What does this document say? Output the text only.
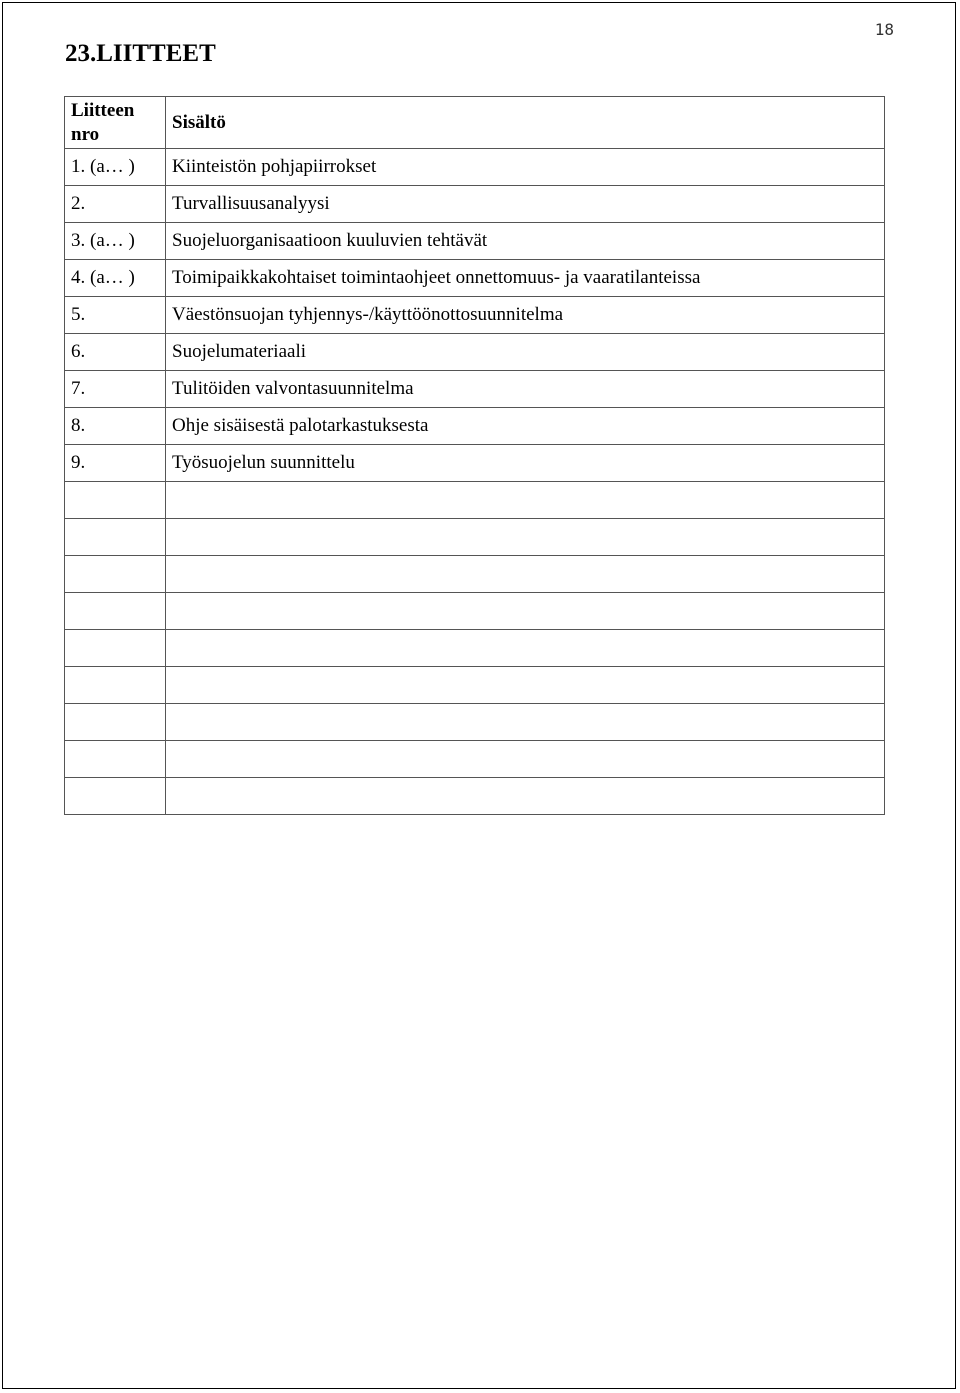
18
23.LIITTEET
Liitteen nro	Sisältö
1. (a… )	Kiinteistön pohjapiirrokset
2.	Turvallisuusanalyysi
3. (a… )	Suojeluorganisaatioon kuuluvien tehtävät
4. (a… )	Toimipaikkakohtaiset toimintaohjeet onnettomuus- ja vaaratilanteissa
5.	Väestönsuojan tyhjennys-/käyttöönottosuunnitelma
6.	Suojelumateriaali
7.	Tulitöiden valvontasuunnitelma
8.	Ohje sisäisestä palotarkastuksesta
9.	Työsuojelun suunnittelu
